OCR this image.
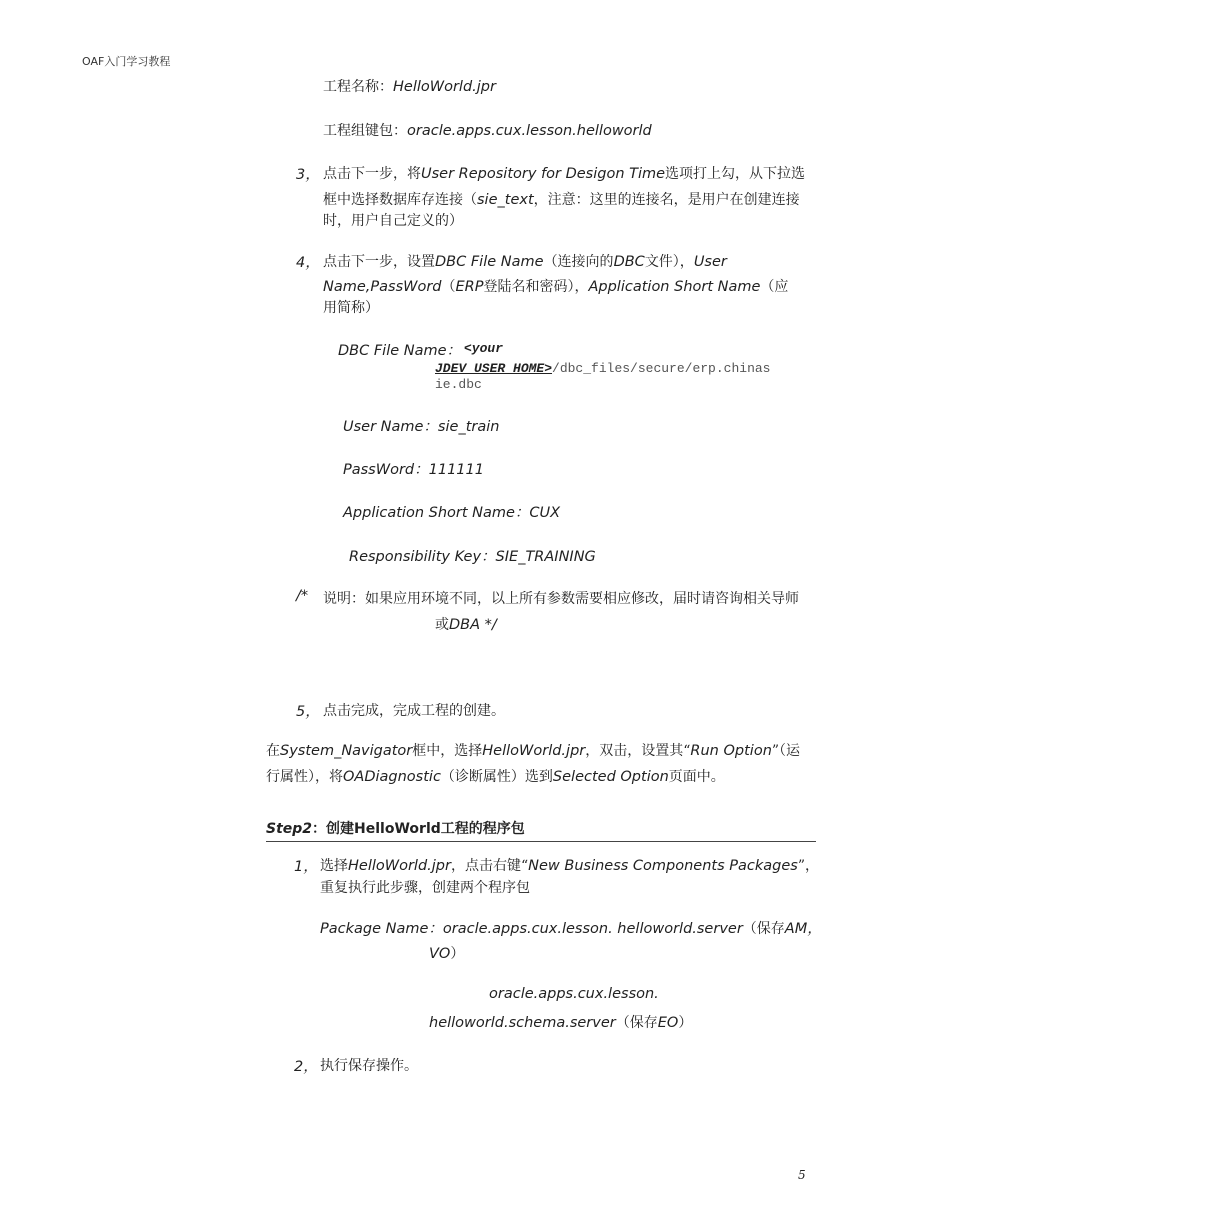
OAF入门学习教程
工程名称：HelloWorld.jpr
工程组键包：oracle.apps.cux.lesson.helloworld
3， 点击下一步，将User Repository for Desigon Time选项打上勾，从下拉选
框中选择数据库存连接（sie_text，注意：这里的连接名，是用户在创建连接
时，用户自己定义的）
4， 点击下一步，设置DBC File Name（连接向的DBC文件），User
Name,PassWord（ERP登陆名和密码），Application Short Name（应
用简称）
DBC File Name： <your
JDEV_USER_HOME>/dbc_files/secure/erp.chinas
ie.dbc
User Name：sie_train
PassWord：111111
Application Short Name：CUX
Responsibility Key：SIE_TRAINING
/* 说明：如果应用环境不同，以上所有参数需要相应修改，届时请咨询相关导师
或DBA */
5， 点击完成，完成工程的创建。
在System_Navigator框中，选择HelloWorld.jpr，双击，设置其“Run Option”（运
行属性），将OADiagnostic（诊断属性）选到Selected Option页面中。
Step2：创建HelloWorld工程的程序包
1， 选择HelloWorld.jpr，点击右键“New Business Components Packages”，
重复执行此步骤，创建两个程序包
Package Name：oracle.apps.cux.lesson. helloworld.server（保存AM，
VO）
oracle.apps.cux.lesson.
helloworld.schema.server（保存EO）
2， 执行保存操作。
5
